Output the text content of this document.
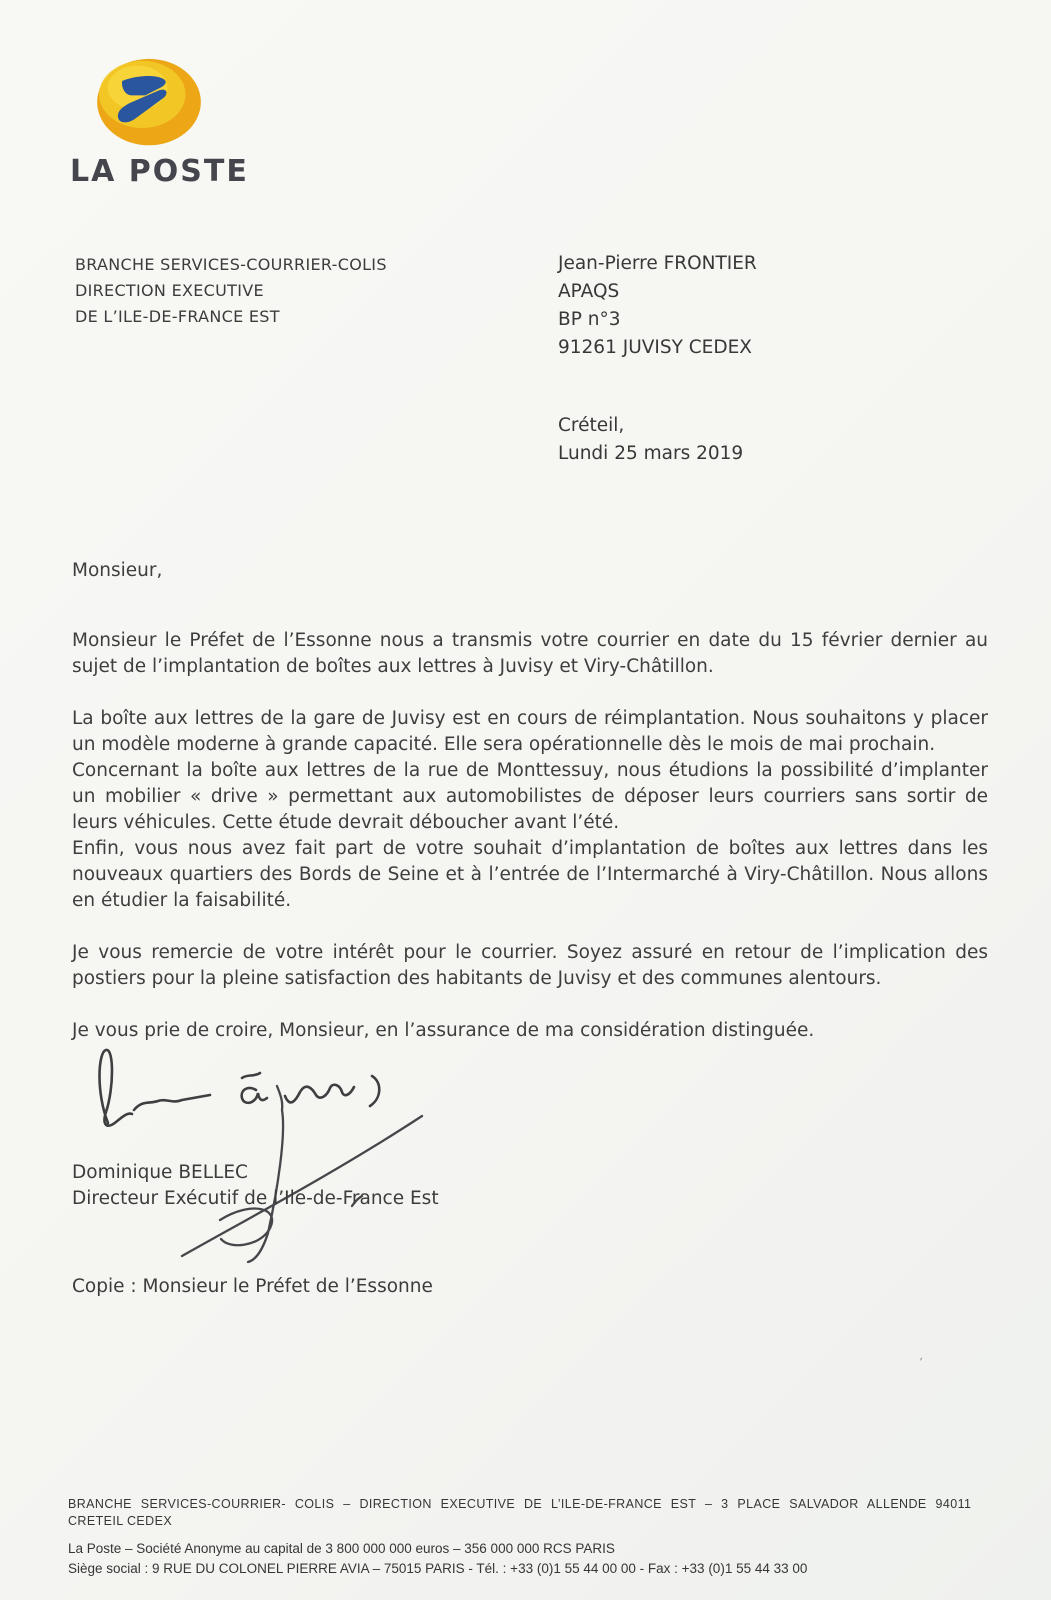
LA POSTE
BRANCHE SERVICES-COURRIER-COLIS
DIRECTION EXECUTIVE
DE L’ILE-DE-FRANCE EST
Jean-Pierre FRONTIER
APAQS
BP n°3
91261 JUVISY CEDEX
Créteil,
Lundi 25 mars 2019

Monsieur,

Monsieur le Préfet de l’Essonne nous a transmis votre courrier en date du 15 février dernier au sujet de l’implantation de boîtes aux lettres à Juvisy et Viry-Châtillon.

La boîte aux lettres de la gare de Juvisy est en cours de réimplantation. Nous souhaitons y placer un modèle moderne à grande capacité. Elle sera opérationnelle dès le mois de mai prochain.

Concernant la boîte aux lettres de la rue de Monttessuy, nous étudions la possibilité d’implanter un mobilier « drive » permettant aux automobilistes de déposer leurs courriers sans sortir de leurs véhicules. Cette étude devrait déboucher avant l’été.

Enfin, vous nous avez fait part de votre souhait d’implantation de boîtes aux lettres dans les nouveaux quartiers des Bords de Seine et à l’entrée de l’Intermarché à Viry-Châtillon. Nous allons en étudier la faisabilité.

Je vous remercie de votre intérêt pour le courrier. Soyez assuré en retour de l’implication des postiers pour la pleine satisfaction des habitants de Juvisy et des communes alentours.

Je vous prie de croire, Monsieur, en l’assurance de ma considération distinguée.

Dominique BELLEC
Directeur Exécutif de l’Ile-de-France Est
Copie : Monsieur le Préfet de l’Essonne
’
BRANCHE SERVICES-COURRIER- COLIS – DIRECTION EXECUTIVE DE L’ILE-DE-FRANCE EST – 3 PLACE SALVADOR ALLENDE 94011
CRETEIL CEDEX
La Poste – Société Anonyme au capital de 3 800 000 000 euros – 356 000 000 RCS PARIS
Siège social : 9 RUE DU COLONEL PIERRE AVIA – 75015 PARIS - Tél. : +33 (0)1 55 44 00 00 - Fax : +33 (0)1 55 44 33 00
